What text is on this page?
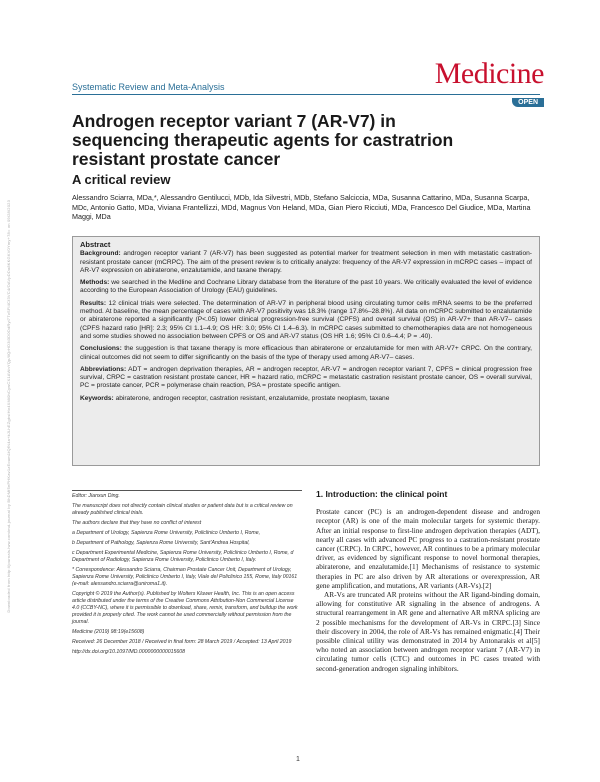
Downloaded from http://journals.lww.com/md-journal by BhDMf5ePHKav1zEoum1tQfN4a+kJLhEZgbsIHo4XMi0hCywCX1AWnYQp/IlQrHD3i3D0OdRyi7TvSFl4Cf3VC4/OAVpDDa8KKGKV0Ymy+78= on 09/28/2023
Systematic Review and Meta-Analysis	Medicine
OPEN
Androgen receptor variant 7 (AR-V7) in sequencing therapeutic agents for castratrion resistant prostate cancer
A critical review
Alessandro Sciarra, MDa,*, Alessandro Gentilucci, MDb, Ida Silvestri, MDb, Stefano Salciccia, MDa, Susanna Cattarino, MDa, Susanna Scarpa, MDc, Antonio Gatto, MDa, Viviana Frantellizzi, MDd, Magnus Von Heland, MDa, Gian Piero Ricciuti, MDa, Francesco Del Giudice, MDa, Martina Maggi, MDa
Abstract

Background: androgen receptor variant 7 (AR-V7) has been suggested as potential marker for treatment selection in men with metastatic castration-resistant prostate cancer (mCRPC). The aim of the present review is to critically analyze: frequency of the AR-V7 expression in mCRPC cases – impact of AR-V7 expression on abiraterone, enzalutamide, and taxane therapy.

Methods: we searched in the Medline and Cochrane Library database from the literature of the past 10 years. We critically evaluated the level of evidence according to the European Association of Urology (EAU) guidelines.

Results: 12 clinical trials were selected. The determination of AR-V7 in peripheral blood using circulating tumor cells mRNA seems to be the preferred method. At baseline, the mean percentage of cases with AR-V7 positivity was 18.3% (range 17.8%–28.8%). All data on mCRPC submitted to enzalutamide or abiraterone reported a significantly (P<.05) lower clinical progression-free survival (CPFS) and overall survival (OS) in AR-V7+ than AR-V7– cases (CPFS hazard ratio [HR]: 2.3; 95% CI 1.1–4.9; OS HR: 3.0; 95% CI 1.4–6.3). In mCRPC cases submitted to chemotherapies data are not homogeneous and some studies showed no association between CPFS or OS and AR-V7 status (OS HR 1.6; 95% CI 0.6–4.4; P = .40).

Conclusions: the suggestion is that taxane therapy is more efficacious than abiraterone or enzalutamide for men with AR-V7+ CRPC. On the contrary, clinical outcomes did not seem to differ significantly on the basis of the type of therapy used among AR-V7– cases.

Abbreviations: ADT = androgen deprivation therapies, AR = androgen receptor, AR-V7 = androgen receptor variant 7, CPFS = clinical progression free survival, CRPC = castration resistant prostate cancer, HR = hazard ratio, mCRPC = metastatic castration resistant prostate cancer, OS = overall survival, PC = prostate cancer, PCR = polymerase chain reaction, PSA = prostate specific antigen.

Keywords: abiraterone, androgen receptor, castration resistant, enzalutamide, prostate neoplasm, taxane

Editor: Jianxun Ding.

The manuscript does not directly contain clinical studies or patient data but is a critical review on already published clinical trials.

The authors declare that they have no conflict of interest

a Department of Urology, Sapienza Rome University, Policlinico Umberto I, Rome,

b Department of Pathology, Sapienza Rome University, Sant'Andrea Hospital,

c Department Experimental Medicine, Sapienza Rome University, Policlinico Umberto I, Rome, d Department of Radiology, Sapienza Rome University, Policlinico Umberto I, Italy.

* Correspondence: Alessandro Sciarra, Chairman Prostate Cancer Unit, Department of Urology, Sapienza Rome University, Policlinico Umberto I, Italy, Viale del Policlinico 155, Rome, Italy 00161 (e-mail: alessandro.sciarra@uniroma1.it).

Copyright © 2019 the Author(s). Published by Wolters Kluwer Health, Inc. This is an open access article distributed under the terms of the Creative Commons Attribution-Non Commercial License 4.0 (CCBY-NC), where it is permissible to download, share, remix, transform, and buildup the work provided it is properly cited. The work cannot be used commercially without permission from the journal.

Medicine (2019) 98:19(e15608)

Received: 26 December 2018 / Received in final form: 28 March 2019 / Accepted: 13 April 2019

http://dx.doi.org/10.1097/MD.0000000000015608

1. Introduction: the clinical point

Prostate cancer (PC) is an androgen-dependent disease and androgen receptor (AR) is one of the main molecular targets for systemic therapy. After an initial response to first-line androgen deprivation therapies (ADT), nearly all cases with advanced PC progress to a castration-resistant prostate cancer (CRPC). In CRPC, however, AR continues to be a primary molecular driver, as evidenced by significant response to novel hormonal therapies, abiraterone, and enzalutamide.[1] Mechanisms of resistance to systemic therapies in PC are also driven by AR alterations or overexpression, AR gene amplification, and mutations, AR variants (AR-Vs).[2]

AR-Vs are truncated AR proteins without the AR ligand-binding domain, allowing for constitutive AR signaling in the absence of androgens. A structural rearrangement in AR gene and alternative AR mRNA splicing are 2 possible mechanisms for the development of AR-Vs in CRPC.[3] Since their discovery in 2004, the role of AR-Vs has remained enigmatic.[4] Their possible clinical utility was demonstrated in 2014 by Antonarakis et al[5] who noted an association between androgen receptor variant 7 (AR-V7) in circulating tumor cells (CTC) and outcomes in PC cases treated with second-generation androgen signaling inhibitors.

1
